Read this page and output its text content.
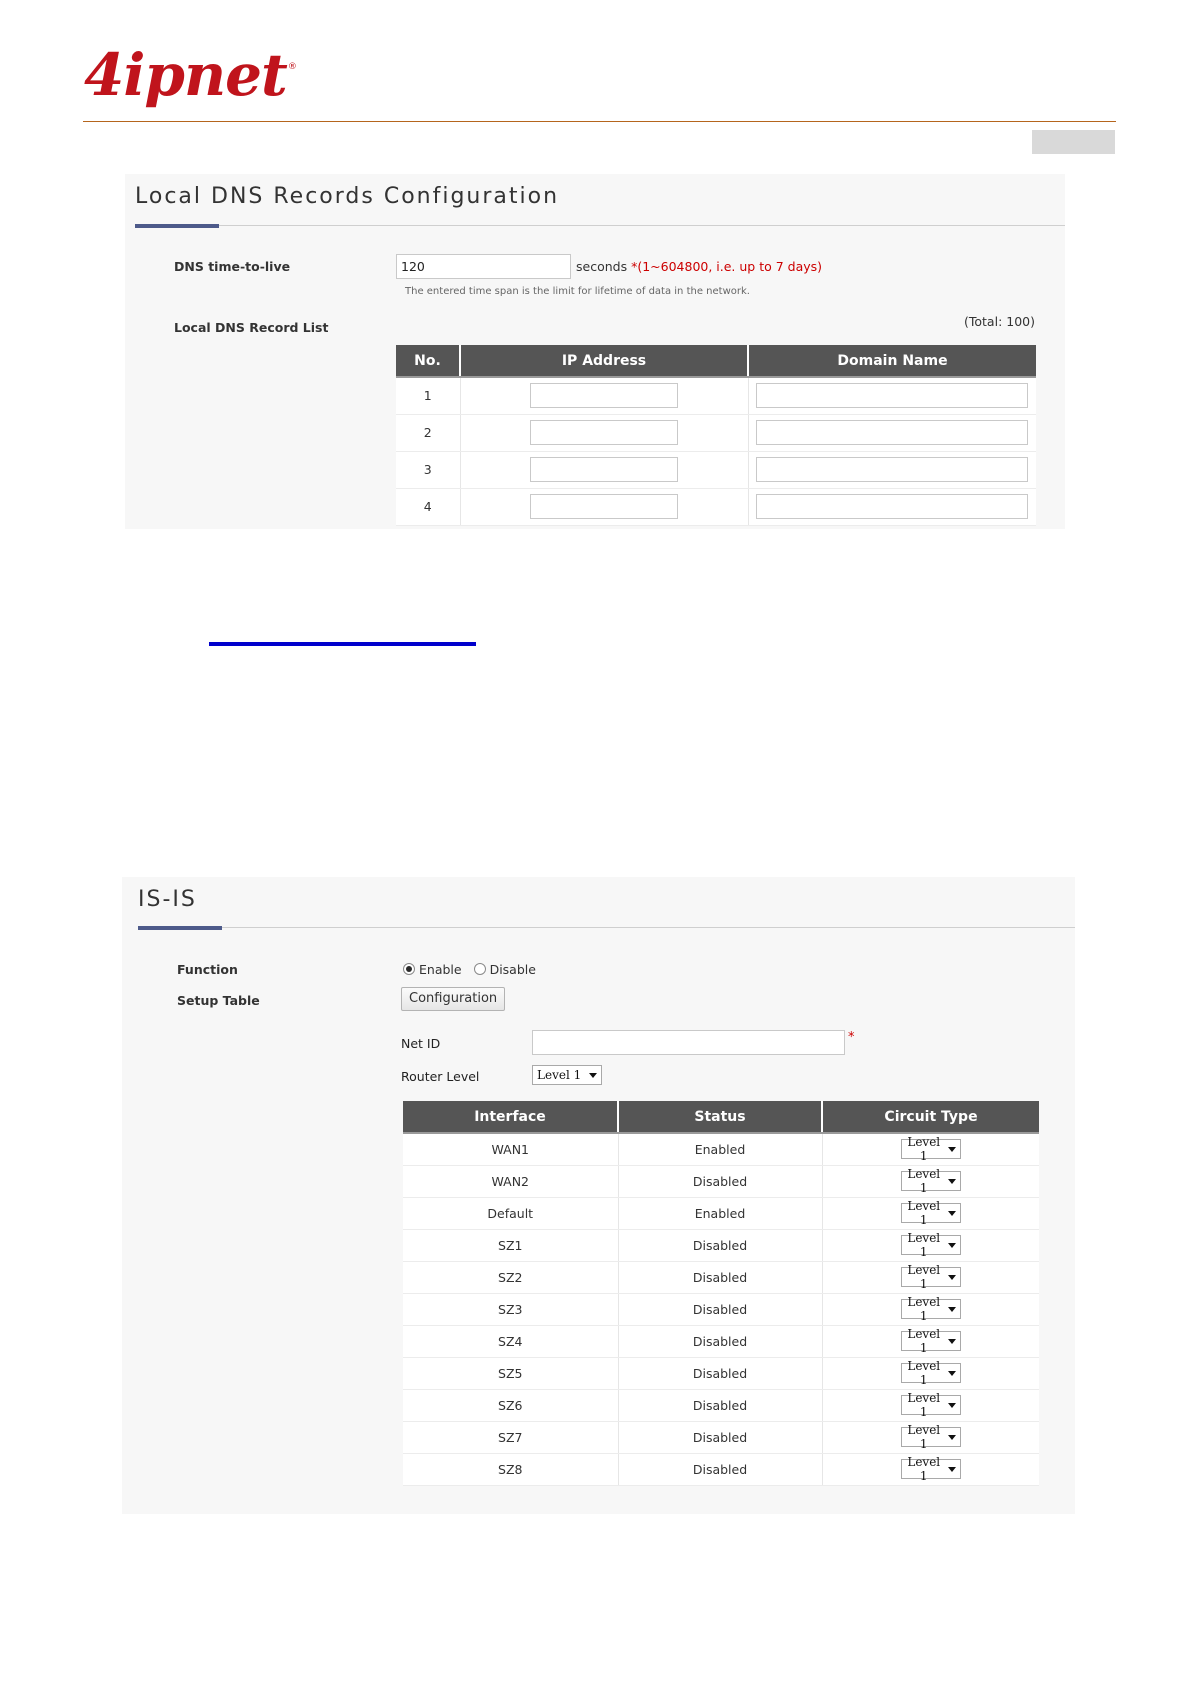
4ipnet ®
Local DNS Records Configuration
DNS time-to-live
120	seconds *(1~604800, i.e. up to 7 days)
The entered time span is the limit for lifetime of data in the network.
Local DNS Record List	(Total: 100)
No.	IP Address	Domain Name
1		
2		
3		
4		
IS-IS
Function	Enable Disable
Setup Table	Configuration
Net ID	*
Router Level	Level 1
Interface	Status	Circuit Type
WAN1	Enabled	Level 1

WAN2	Disabled	Level 1

Default	Enabled	Level 1

SZ1	Disabled	Level 1

SZ2	Disabled	Level 1

SZ3	Disabled	Level 1

SZ4	Disabled	Level 1

SZ5	Disabled	Level 1

SZ6	Disabled	Level 1

SZ7	Disabled	Level 1

SZ8	Disabled	Level 1
